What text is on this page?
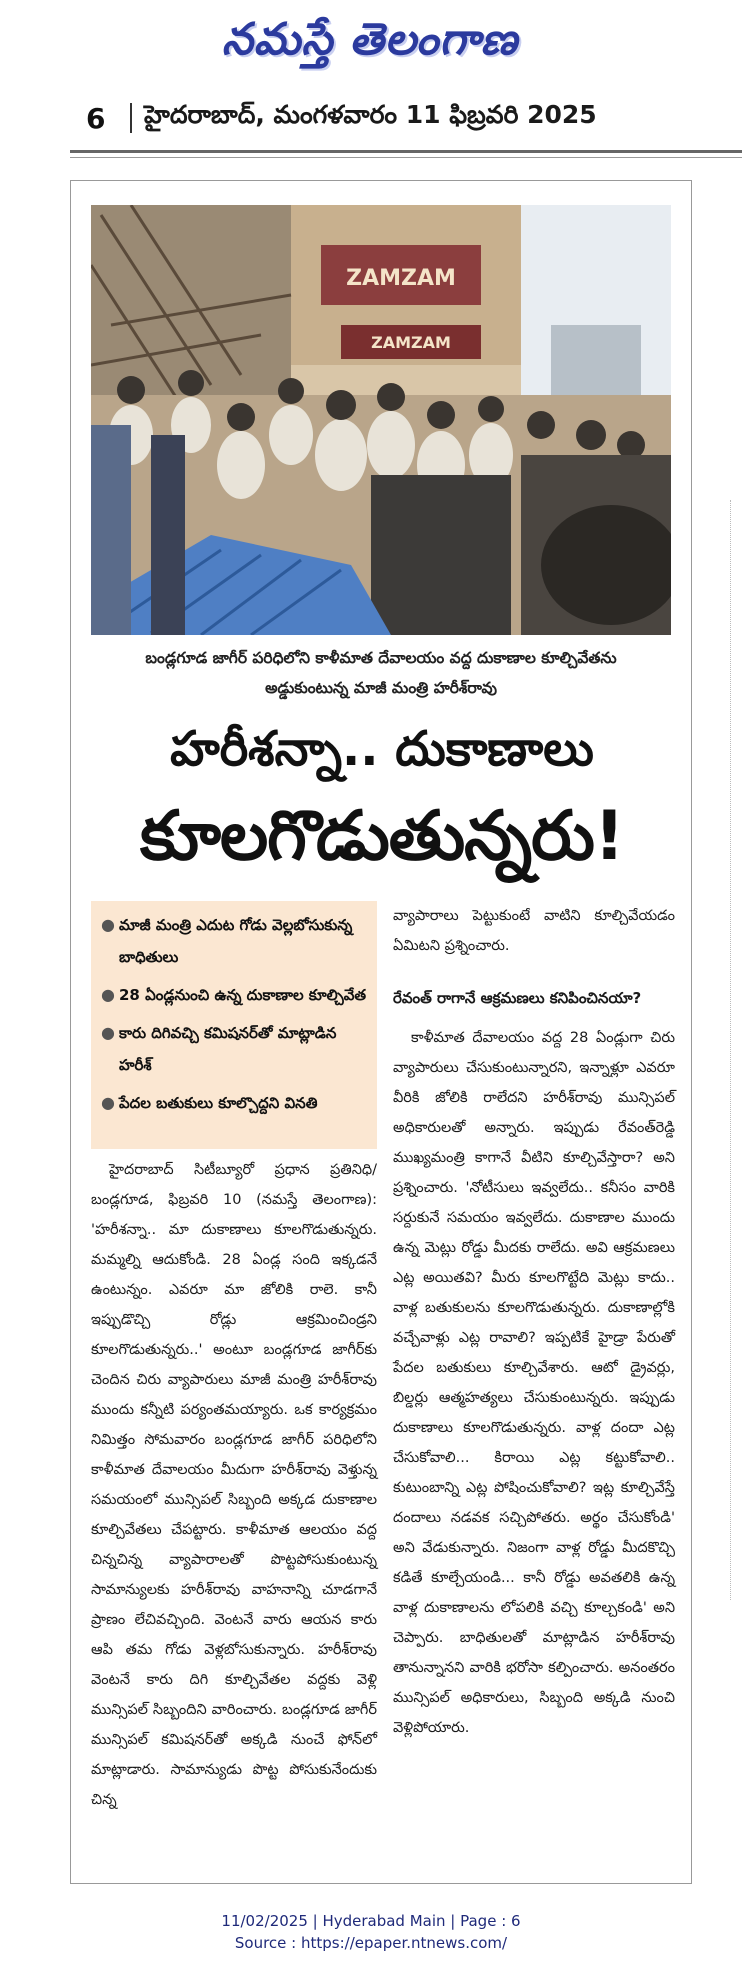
నమస్తే తెలంగాణ
6	హైదరాబాద్, మంగళవారం 11 ఫిబ్రవరి 2025
ZAMZAM
ZAMZAM
బండ్లగూడ జాగీర్ పరిధిలోని కాళీమాత దేవాలయం వద్ద దుకాణాల కూల్చివేతను అడ్డుకుంటున్న మాజీ మంత్రి హరీశ్‌రావు
హరీశన్నా.. దుకాణాలు
కూలగొడుతున్నరు!
● మాజీ మంత్రి ఎదుట గోడు వెల్లబోసుకున్న బాధితులు
● 28 ఏండ్లనుంచి ఉన్న దుకాణాల కూల్చివేత
● కారు దిగివచ్చి కమిషనర్‌తో మాట్లాడిన హరీశ్
● పేదల బతుకులు కూల్చొద్దని వినతి

హైదరాబాద్ సిటీబ్యూరో ప్రధాన ప్రతినిధి/బండ్లగూడ, ఫిబ్రవరి 10 (నమస్తే తెలంగాణ): 'హరీశన్నా.. మా దుకాణాలు కూలగొడుతున్నరు. మమ్మల్ని ఆదుకోండి. 28 ఏండ్ల సంది ఇక్కడనే ఉంటున్నం. ఎవరూ మా జోలికి రాలె. కానీ ఇప్పుడొచ్చి రోడ్లు ఆక్రమించిండ్రని కూలగొడుతున్నరు..' అంటూ బండ్లగూడ జాగీర్‌కు చెందిన చిరు వ్యాపారులు మాజీ మంత్రి హరీశ్‌రావు ముందు కన్నీటి పర్యంతమయ్యారు. ఒక కార్యక్రమం నిమిత్తం సోమవారం బండ్లగూడ జాగీర్ పరిధిలోని కాళీమాత దేవాలయం మీదుగా హరీశ్‌రావు వెళ్తున్న సమయంలో మున్సిపల్ సిబ్బంది అక్కడ దుకాణాల కూల్చివేతలు చేపట్టారు. కాళీమాత ఆలయం వద్ద చిన్నచిన్న వ్యాపారాలతో పొట్టపోసుకుంటున్న సామాన్యులకు హరీశ్‌రావు వాహనాన్ని చూడగానే ప్రాణం లేచివచ్చింది. వెంటనే వారు ఆయన కారు ఆపి తమ గోడు వెళ్లబోసుకున్నారు. హరీశ్‌రావు వెంటనే కారు దిగి కూల్చివేతల వద్దకు వెళ్లి మున్సిపల్ సిబ్బందిని వారించారు. బండ్లగూడ జాగీర్ మున్సిపల్ కమిషనర్‌తో అక్కడి నుంచే ఫోన్‌లో మాట్లాడారు. సామాన్యుడు పొట్ట పోసుకునేందుకు చిన్న

వ్యాపారాలు పెట్టుకుంటే వాటిని కూల్చివేయడం ఏమిటని ప్రశ్నించారు.

రేవంత్ రాగానే ఆక్రమణలు కనిపించినయా?

కాళీమాత దేవాలయం వద్ద 28 ఏండ్లుగా చిరు వ్యాపారులు చేసుకుంటున్నారని, ఇన్నాళ్లూ ఎవరూ వీరికి జోలికి రాలేదని హరీశ్‌రావు మున్సిపల్ అధికారులతో అన్నారు. ఇప్పుడు రేవంత్‌రెడ్డి ముఖ్యమంత్రి కాగానే వీటిని కూల్చివేస్తారా? అని ప్రశ్నించారు. 'నోటీసులు ఇవ్వలేదు.. కనీసం వారికి సర్దుకునే సమయం ఇవ్వలేదు. దుకాణాల ముందు ఉన్న మెట్లు రోడ్డు మీదకు రాలేదు. అవి ఆక్రమణలు ఎట్ల అయితవి? మీరు కూలగొట్టేది మెట్లు కాదు.. వాళ్ల బతుకులను కూలగొడుతున్నరు. దుకాణాల్లోకి వచ్చేవాళ్లు ఎట్ల రావాలి? ఇప్పటికే హైడ్రా పేరుతో పేదల బతుకులు కూల్చివేశారు. ఆటో డ్రైవర్లు, బిల్డర్లు ఆత్మహత్యలు చేసుకుంటున్నరు. ఇప్పుడు దుకాణాలు కూలగొడుతున్నరు. వాళ్ల దందా ఎట్ల చేసుకోవాలి... కిరాయి ఎట్ల కట్టుకోవాలి.. కుటుంబాన్ని ఎట్ల పోషించుకోవాలి? ఇట్ల కూల్చివేస్తే దందాలు నడవక సచ్చిపోతరు. అర్థం చేసుకోండి' అని వేడుకున్నారు. నిజంగా వాళ్ల రోడ్డు మీదకొచ్చి కడితే కూల్చేయండి... కానీ రోడ్డు అవతలికి ఉన్న వాళ్ల దుకాణాలను లోపలికి వచ్చి కూల్చకండి' అని చెప్పారు. బాధితులతో మాట్లాడిన హరీశ్‌రావు తానున్నానని వారికి భరోసా కల్పించారు. అనంతరం మున్సిపల్ అధికారులు, సిబ్బంది అక్కడి నుంచి వెళ్లిపోయారు.

11/02/2025 | Hyderabad Main | Page : 6
Source : https://epaper.ntnews.com/
